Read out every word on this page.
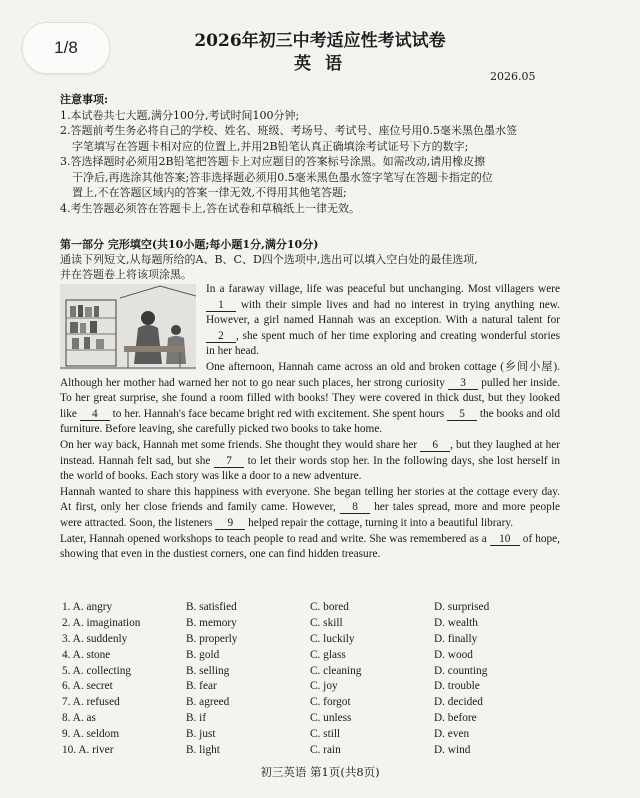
1/8	2026年初三中考适应性考试试卷
英 语
2026.05

注意事项:

1.本试卷共七大题,满分100分,考试时间100分钟;

2.答题前考生务必将自己的学校、姓名、班级、考场号、考试号、座位号用0.5毫米黑色墨水签

字笔填写在答题卡相对应的位置上,并用2B铅笔认真正确填涂考试证号下方的数字;

3.答选择题时必须用2B铅笔把答题卡上对应题目的答案标号涂黑。如需改动,请用橡皮擦

干净后,再选涂其他答案;答非选择题必须用0.5毫米黑色墨水签字笔写在答题卡指定的位

置上,不在答题区域内的答案一律无效,不得用其他笔答题;

4.考生答题必须答在答题卡上,答在试卷和草稿纸上一律无效。

第一部分 完形填空(共10小题;每小题1分,满分10分)

通读下列短文,从每题所给的A、B、C、D四个选项中,选出可以填入空白处的最佳选项,

并在答题卷上将该项涂黑。

In a faraway village, life was peaceful but unchanging. Most villagers were 1 with their simple lives and had no interest in trying anything new. However, a girl named Hannah was an exception. With a natural talent for 2 , she spent much of her time exploring and creating wonderful stories in her head.

One afternoon, Hannah came across an old and broken cottage (乡间小屋). Although her mother had warned her not to go near such places, her strong curiosity 3 pulled her inside. To her great surprise, she found a room filled with books! They were covered in thick dust, but they looked like 4 to her. Hannah's face became bright red with excitement. She spent hours 5 the books and old furniture. Before leaving, she carefully picked two books to take home.

On her way back, Hannah met some friends. She thought they would share her 6 , but they laughed at her instead. Hannah felt sad, but she 7 to let their words stop her. In the following days, she lost herself in the world of books. Each story was like a door to a new adventure.

Hannah wanted to share this happiness with everyone. She began telling her stories at the cottage every day. At first, only her close friends and family came. However, 8 her tales spread, more and more people were attracted. Soon, the listeners 9 helped repair the cottage, turning it into a beautiful library.

Later, Hannah opened workshops to teach people to read and write. She was remembered as a 10 of hope, showing that even in the dustiest corners, one can find hidden treasure.

1. A. angry	B. satisfied	C. bored	D. surprised
2. A. imagination	B. memory	C. skill	D. wealth
3. A. suddenly	B. properly	C. luckily	D. finally
4. A. stone	B. gold	C. glass	D. wood
5. A. collecting	B. selling	C. cleaning	D. counting
6. A. secret	B. fear	C. joy	D. trouble
7. A. refused	B. agreed	C. forgot	D. decided
8. A. as	B. if	C. unless	D. before
9. A. seldom	B. just	C. still	D. even
10. A. river	B. light	C. rain	D. wind
初三英语 第1页(共8页)
